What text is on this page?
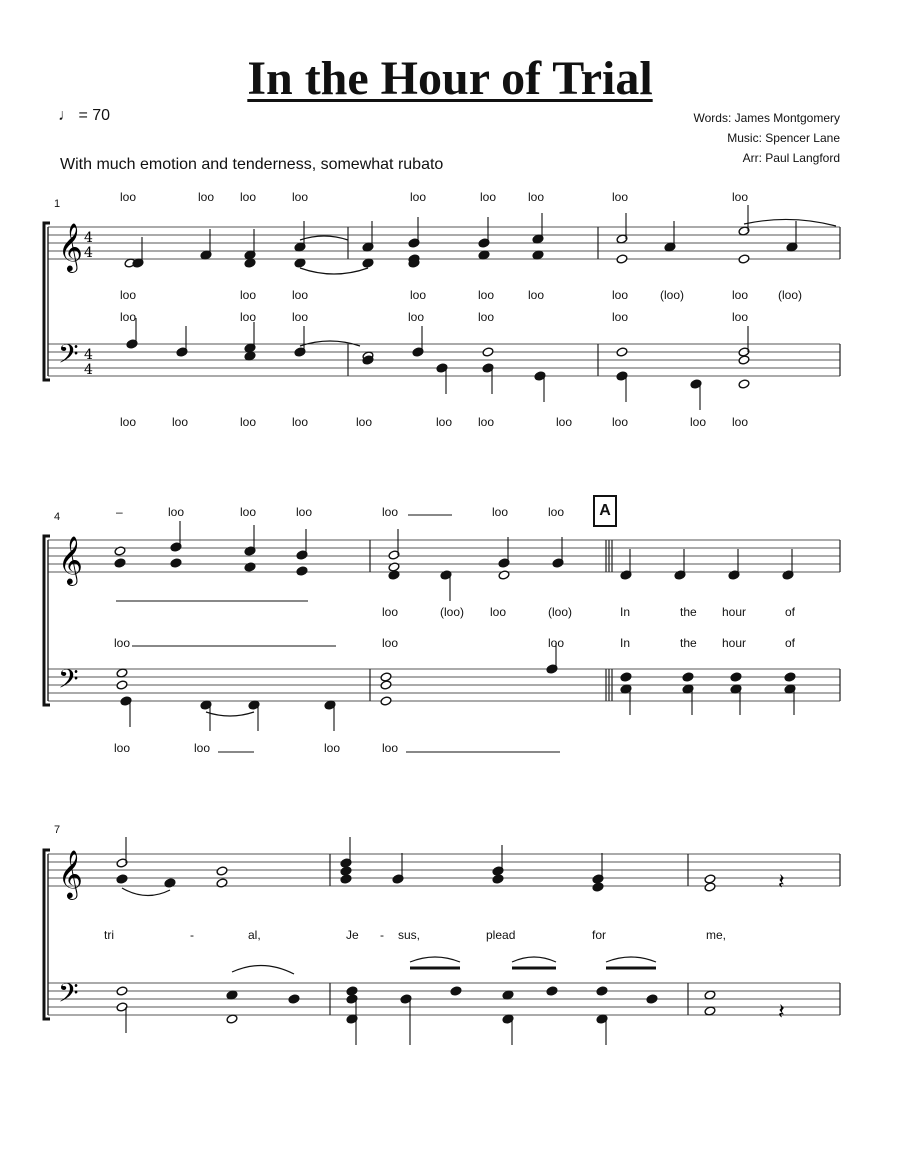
In the Hour of Trial
♩ = 70	Words: James Montgomery
Music: Spencer Lane
Arr: Paul Langford
With much emotion and tenderness, somewhat rubato
1
4
7
A
loo	loo loo	loo	loo	loo	loo	loo	loo
loo	loo	loo	loo	loo	loo	loo	(loo)	loo (loo)
loo	loo	loo	loo	loo	loo	loo
loo	loo	loo	loo	loo	loo loo	loo	loo	loo loo
–	loo	loo	loo	loo	loo	loo
loo	(loo) loo	(loo)	In	the hour	of
loo	loo	loo	In	the hour	of
loo	loo	loo	loo
tri	-	al,	Je - sus,	plead	for	me,
𝄞
𝄢
𝄞
𝄢
𝄞
𝄢
4
4
4
4
𝄽
𝄽
